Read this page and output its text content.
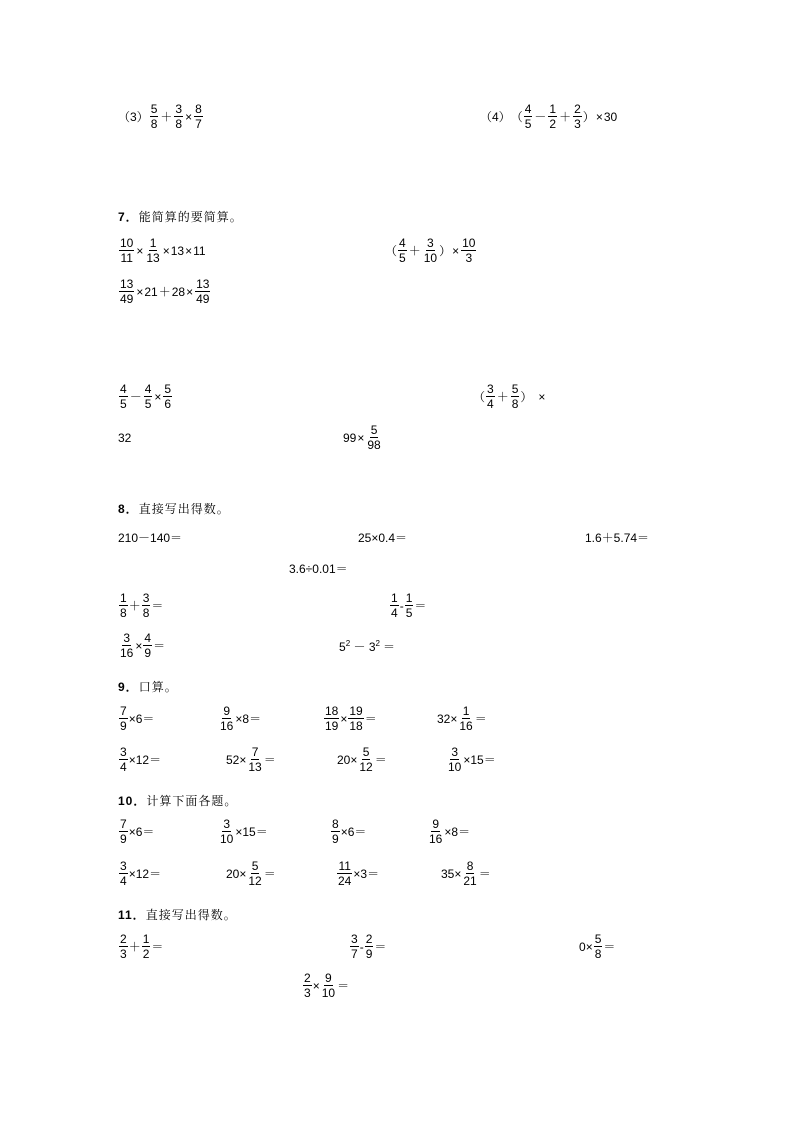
$(3) \frac{5}{8} + \frac{3}{8} \times \frac{8}{7}$	（4） （ $\frac{4}{5} - \frac{1}{2} + \frac{2}{3}$ ） × 30
7．能简算的要简算。
$\frac{10}{11} \times \frac{1}{13} \times 13 \times 11$	（ $\frac{4}{5} + \frac{3}{10}$ ） × $\frac{10}{3}$
$\frac{13}{49} \times 21 + 28 \times \frac{13}{49}$
$\frac{4}{5} - \frac{4}{5} \times \frac{5}{6}$	（ $\frac{3}{4} + \frac{5}{8}$ ） ×
32	$99 \times \frac{5}{98}$
8．直接写出得数。
210－140＝	25×0.4＝	1.6＋5.74＝
3.6÷0.01＝
$\frac{1}{8} + \frac{3}{8}$ ＝	$\frac{1}{4} - \frac{1}{5}$ ＝
$\frac{3}{16} \times \frac{4}{9}$ ＝	$5^2 - 3^2$ ＝
9．口算。
$\frac{7}{9} \times 6$ ＝	$\frac{9}{16} \times 8$ ＝	$\frac{18}{19} \times \frac{19}{18}$ ＝	$32 \times \frac{1}{16}$ ＝
$\frac{3}{4} \times 12$ ＝	$52 \times \frac{7}{13}$ ＝	$20 \times \frac{5}{12}$ ＝	$\frac{3}{10} \times 15$ ＝
10．计算下面各题。
$\frac{7}{9} \times 6$ ＝	$\frac{3}{10} \times 15$ ＝	$\frac{8}{9} \times 6$ ＝	$\frac{9}{16} \times 8$ ＝
$\frac{3}{4} \times 12$ ＝	$20 \times \frac{5}{12}$ ＝	$\frac{11}{24} \times 3$ ＝	$35 \times \frac{8}{21}$ ＝
11．直接写出得数。
$\frac{2}{3} + \frac{1}{2}$ ＝	$\frac{3}{7} - \frac{2}{9}$ ＝	$0 \times \frac{5}{8}$ ＝
$\frac{2}{3} \times \frac{9}{10}$ ＝
